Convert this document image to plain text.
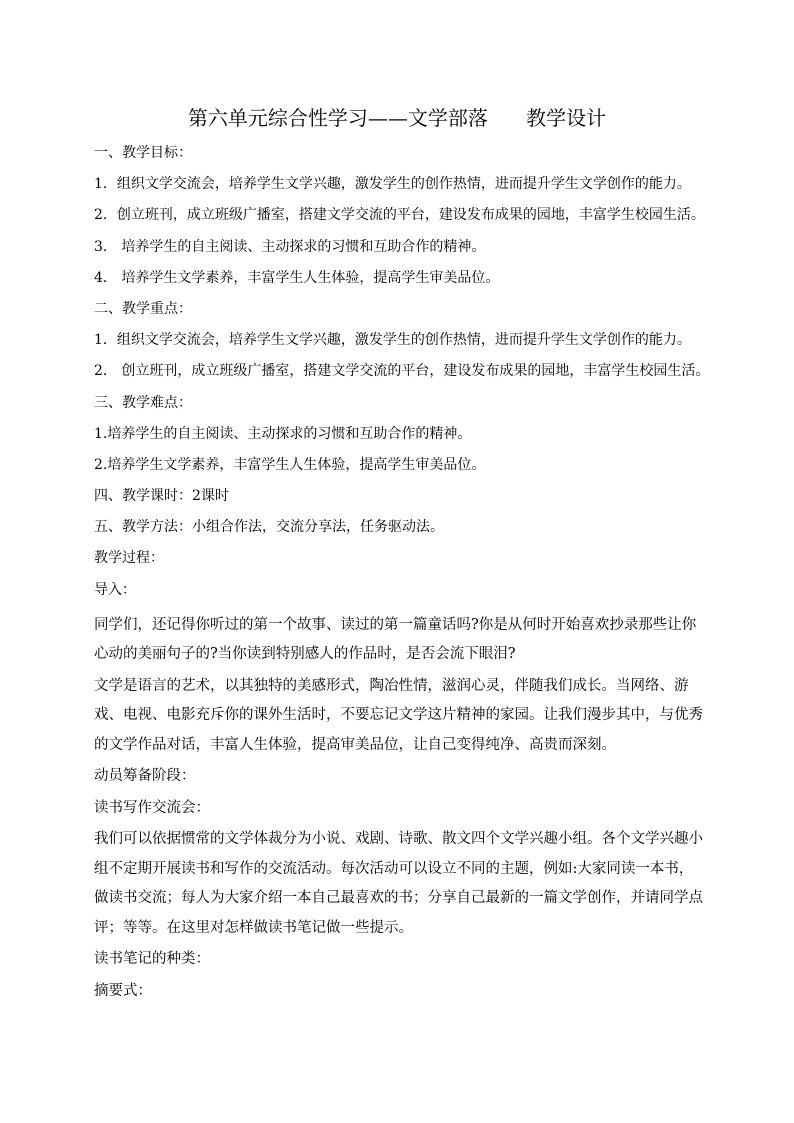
第六单元综合性学习——文学部落      教学设计
一、教学目标：
1．组织文学交流会，培养学生文学兴趣，激发学生的创作热情，进而提升学生文学创作的能力。
2．创立班刊，成立班级广播室，搭建文学交流的平台，建设发布成果的园地，丰富学生校园生活。
3． 培养学生的自主阅读、主动探求的习惯和互助合作的精神。
4． 培养学生文学素养，丰富学生人生体验，提高学生审美品位。
二、教学重点：
1．组织文学交流会，培养学生文学兴趣，激发学生的创作热情，进而提升学生文学创作的能力。
2． 创立班刊，成立班级广播室，搭建文学交流的平台，建设发布成果的园地，丰富学生校园生活。
三、教学难点：
1.培养学生的自主阅读、主动探求的习惯和互助合作的精神。
2.培养学生文学素养，丰富学生人生体验，提高学生审美品位。
四、教学课时：2课时
五、教学方法：小组合作法，交流分享法，任务驱动法。
教学过程：
导入：

同学们，还记得你听过的第一个故事、读过的第一篇童话吗?你是从何时开始喜欢抄录那些让你心动的美丽句子的?当你读到特别感人的作品时，是否会流下眼泪?

文学是语言的艺术，以其独特的美感形式，陶冶性情，滋润心灵，伴随我们成长。当网络、游戏、电视、电影充斥你的课外生活时，不要忘记文学这片精神的家园。让我们漫步其中，与优秀的文学作品对话，丰富人生体验，提高审美品位，让自己变得纯净、高贵而深刻。

动员筹备阶段：

读书写作交流会：

我们可以依据惯常的文学体裁分为小说、戏剧、诗歌、散文四个文学兴趣小组。各个文学兴趣小组不定期开展读书和写作的交流活动。每次活动可以设立不同的主题，例如:大家同读一本书，做读书交流；每人为大家介绍一本自己最喜欢的书；分享自己最新的一篇文学创作，并请同学点评；等等。在这里对怎样做读书笔记做一些提示。

读书笔记的种类：

摘要式：
